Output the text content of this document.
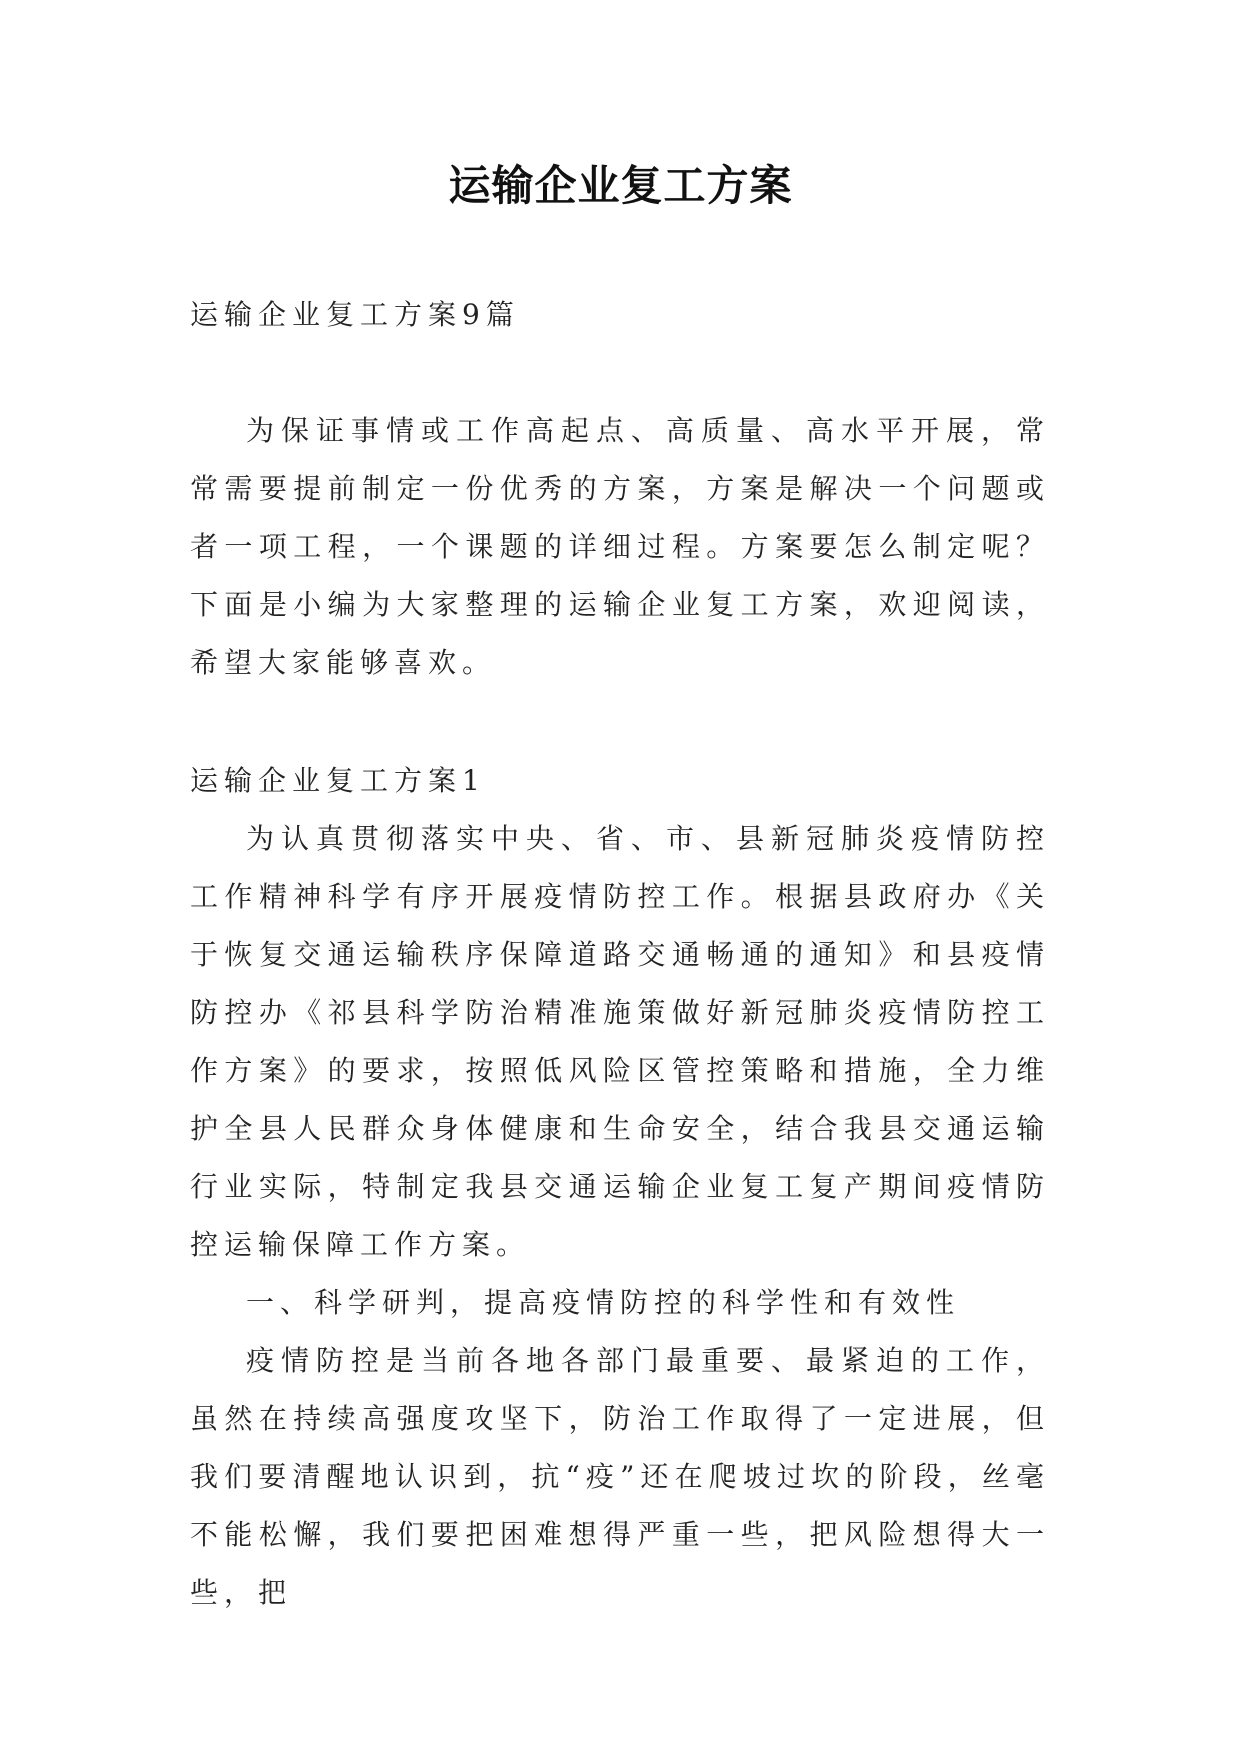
运输企业复工方案

运输企业复工方案9篇

为保证事情或工作高起点、高质量、高水平开展，常常需要提前制定一份优秀的方案，方案是解决一个问题或者一项工程，一个课题的详细过程。方案要怎么制定呢？下面是小编为大家整理的运输企业复工方案，欢迎阅读，希望大家能够喜欢。

运输企业复工方案1

为认真贯彻落实中央、省、市、县新冠肺炎疫情防控工作精神科学有序开展疫情防控工作。根据县政府办《关于恢复交通运输秩序保障道路交通畅通的通知》和县疫情防控办《祁县科学防治精准施策做好新冠肺炎疫情防控工作方案》的要求，按照低风险区管控策略和措施，全力维护全县人民群众身体健康和生命安全，结合我县交通运输行业实际，特制定我县交通运输企业复工复产期间疫情防控运输保障工作方案。

一、科学研判，提高疫情防控的科学性和有效性

疫情防控是当前各地各部门最重要、最紧迫的工作，虽然在持续高强度攻坚下，防治工作取得了一定进展，但我们要清醒地认识到，抗“疫”还在爬坡过坎的阶段，丝毫不能松懈，我们要把困难想得严重一些，把风险想得大一些，把
